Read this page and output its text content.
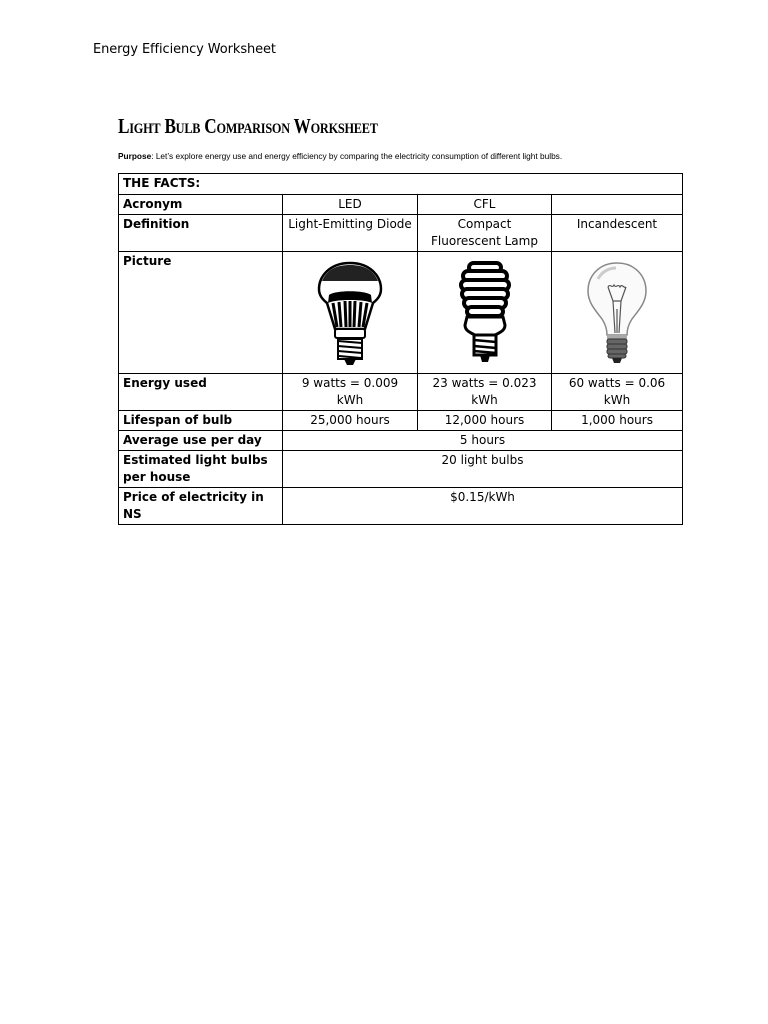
Energy Efficiency Worksheet
Light Bulb Comparison Worksheet
Purpose: Let’s explore energy use and energy efficiency by comparing the electricity consumption of different light bulbs.
THE FACTS:			
Acronym	LED	CFL	
Definition	Light-Emitting Diode	Compact Fluorescent Lamp	Incandescent
Picture	

Energy used	9 watts = 0.009 kWh	23 watts = 0.023 kWh	60 watts = 0.06 kWh
Lifespan of bulb	25,000 hours	12,000 hours	1,000 hours
Average use per day	5 hours		
Estimated light bulbs per house	20 light bulbs		
Price of electricity in NS	$0.15/kWh		
